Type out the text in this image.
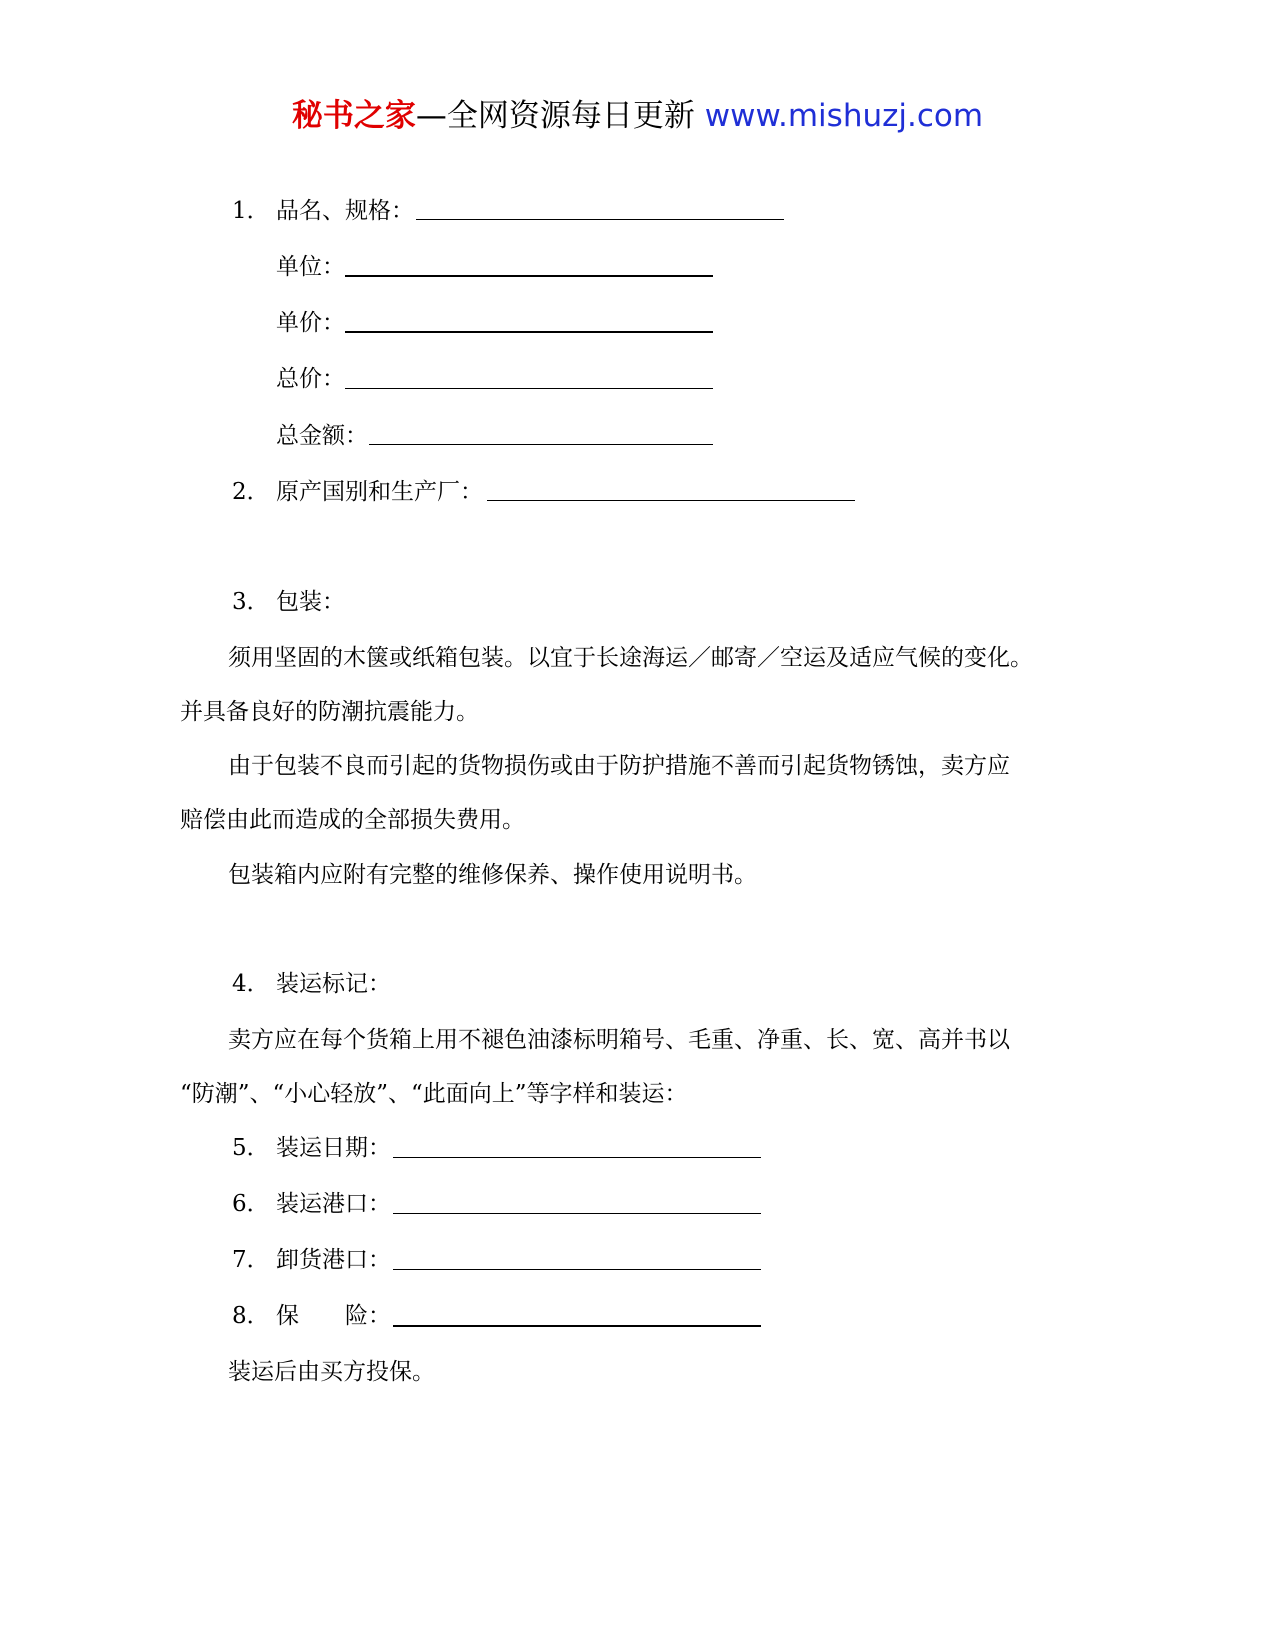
秘书之家—全网资源每日更新 www.mishuzj.com
1． 品名、规格：
单位：
单价：
总价：
总金额：
2． 原产国别和生产厂：
3． 包装：
须用坚固的木箧或纸箱包装。以宜于长途海运／邮寄／空运及适应气候的变化。
并具备良好的防潮抗震能力。
由于包装不良而引起的货物损伤或由于防护措施不善而引起货物锈蚀，卖方应
赔偿由此而造成的全部损失费用。
包装箱内应附有完整的维修保养、操作使用说明书。
4． 装运标记：
卖方应在每个货箱上用不褪色油漆标明箱号、毛重、净重、长、宽、高并书以
“防潮”、“小心轻放”、“此面向上”等字样和装运：
5． 装运日期：
6． 装运港口：
7． 卸货港口：
8． 保　　险：
装运后由买方投保。
